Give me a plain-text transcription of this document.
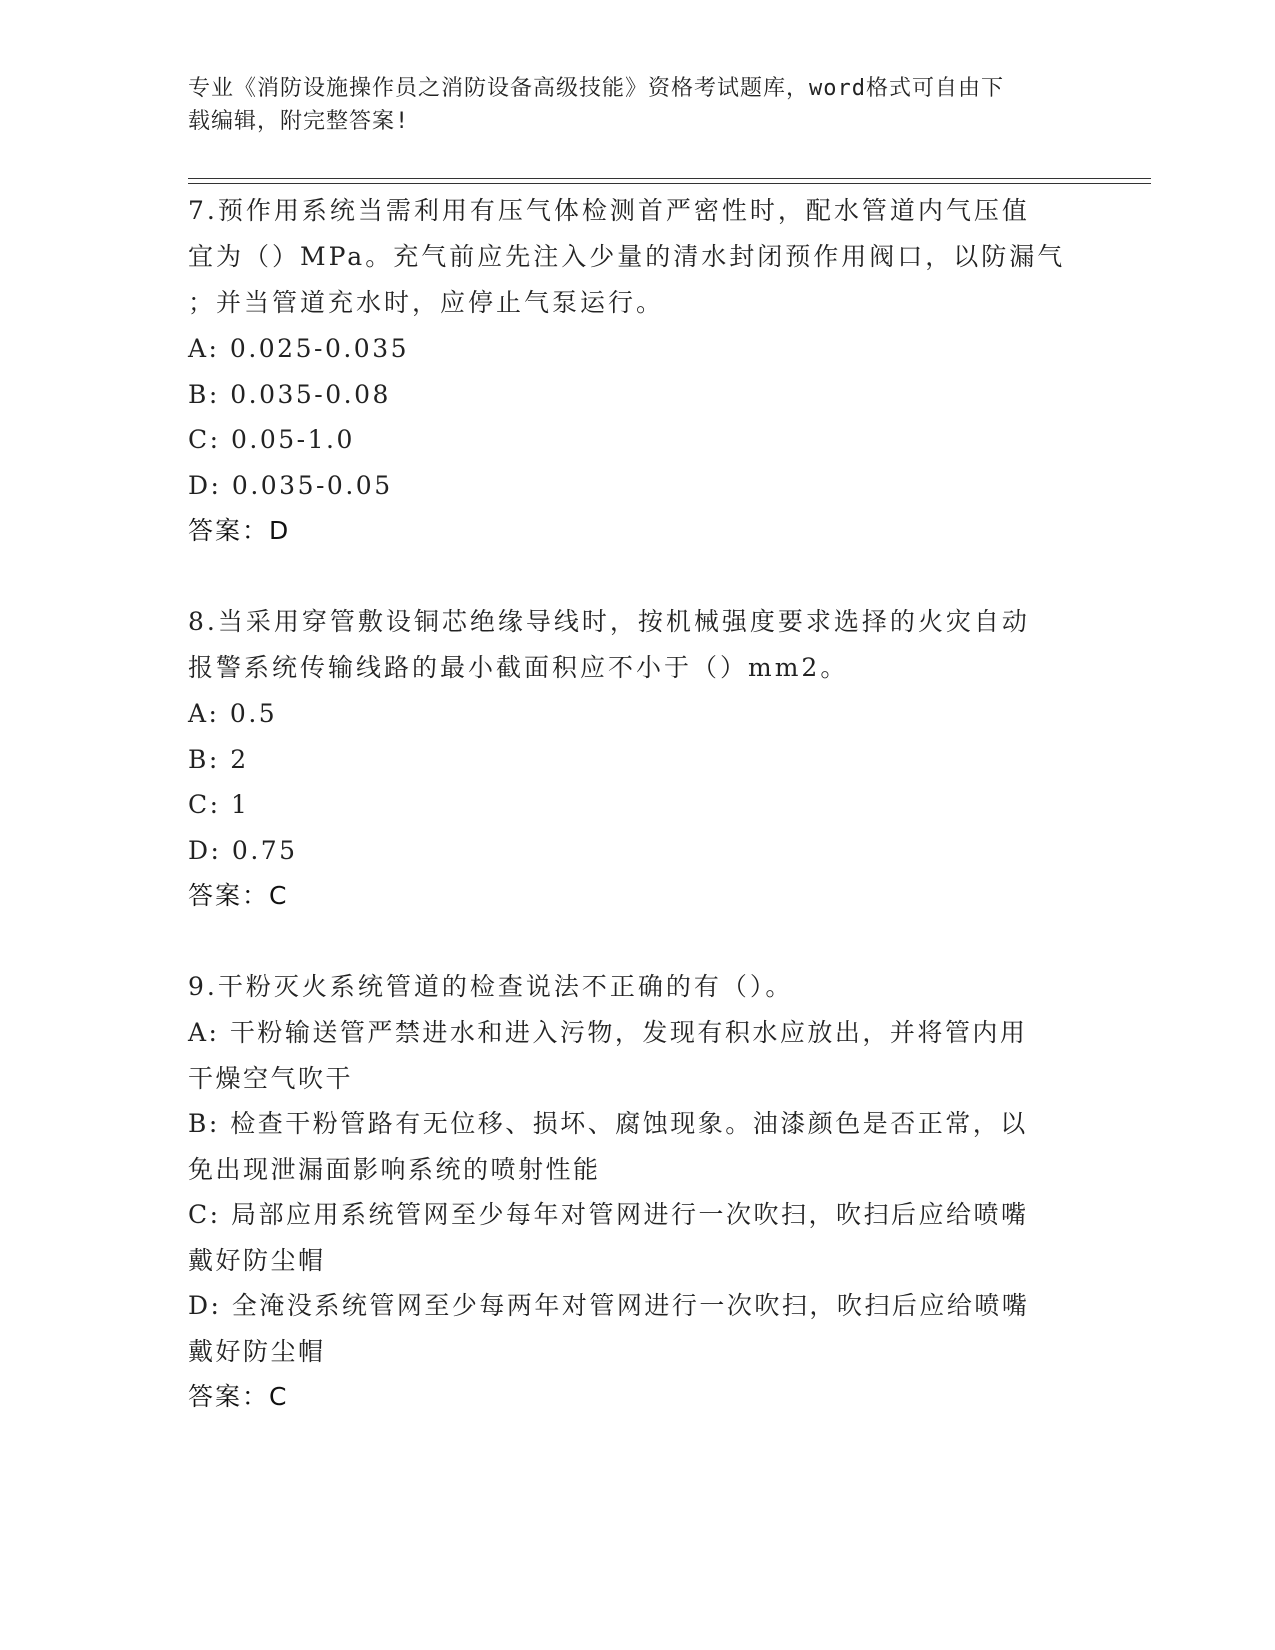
专业《消防设施操作员之消防设备高级技能》资格考试题库，word格式可自由下
载编辑，附完整答案!

7.预作用系统当需利用有压气体检测首严密性时，配水管道内气压值

宜为（）MPa。充气前应先注入少量的清水封闭预作用阀口，以防漏气

；并当管道充水时，应停止气泵运行。

A: 0.025-0.035

B: 0.035-0.08

C: 0.05-1.0

D: 0.035-0.05

答案：D

8.当采用穿管敷设铜芯绝缘导线时，按机械强度要求选择的火灾自动

报警系统传输线路的最小截面积应不小于（）mm2。

A: 0.5

B: 2

C: 1

D: 0.75

答案：C

9.干粉灭火系统管道的检查说法不正确的有（）。

A: 干粉输送管严禁进水和进入污物，发现有积水应放出，并将管内用

干燥空气吹干

B: 检查干粉管路有无位移、损坏、腐蚀现象。油漆颜色是否正常，以

免出现泄漏面影响系统的喷射性能

C: 局部应用系统管网至少每年对管网进行一次吹扫，吹扫后应给喷嘴

戴好防尘帽

D: 全淹没系统管网至少每两年对管网进行一次吹扫，吹扫后应给喷嘴

戴好防尘帽

答案：C
